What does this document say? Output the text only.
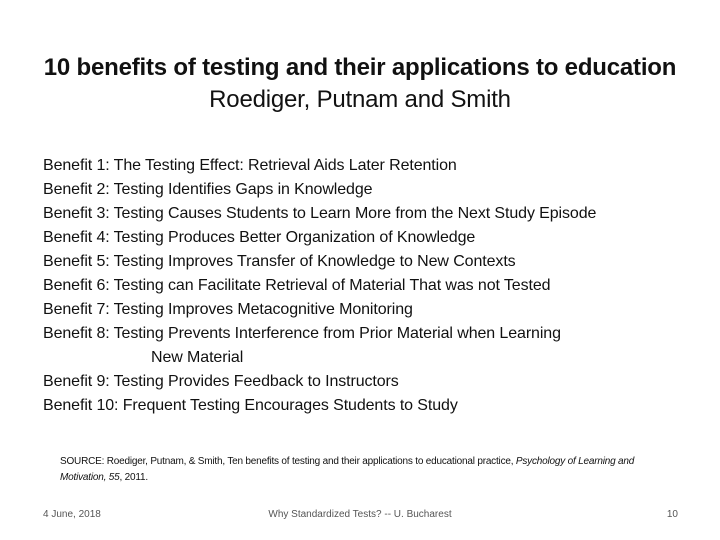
10 benefits of testing and their applications to education
Roediger, Putnam and Smith
Benefit 1: The Testing Effect: Retrieval Aids Later Retention
Benefit 2: Testing Identifies Gaps in Knowledge
Benefit 3: Testing Causes Students to Learn More from the Next Study Episode
Benefit 4: Testing Produces Better Organization of Knowledge
Benefit 5: Testing Improves Transfer of Knowledge to New Contexts
Benefit 6: Testing can Facilitate Retrieval of Material That was not Tested
Benefit 7: Testing Improves Metacognitive Monitoring
Benefit 8: Testing Prevents Interference from Prior Material when Learning
New Material
Benefit 9: Testing Provides Feedback to Instructors
Benefit 10: Frequent Testing Encourages Students to Study
SOURCE: Roediger, Putnam, & Smith, Ten benefits of testing and their applications to educational practice, Psychology of Learning and Motivation, 55, 2011.
4 June, 2018	Why Standardized Tests? -- U. Bucharest	10
